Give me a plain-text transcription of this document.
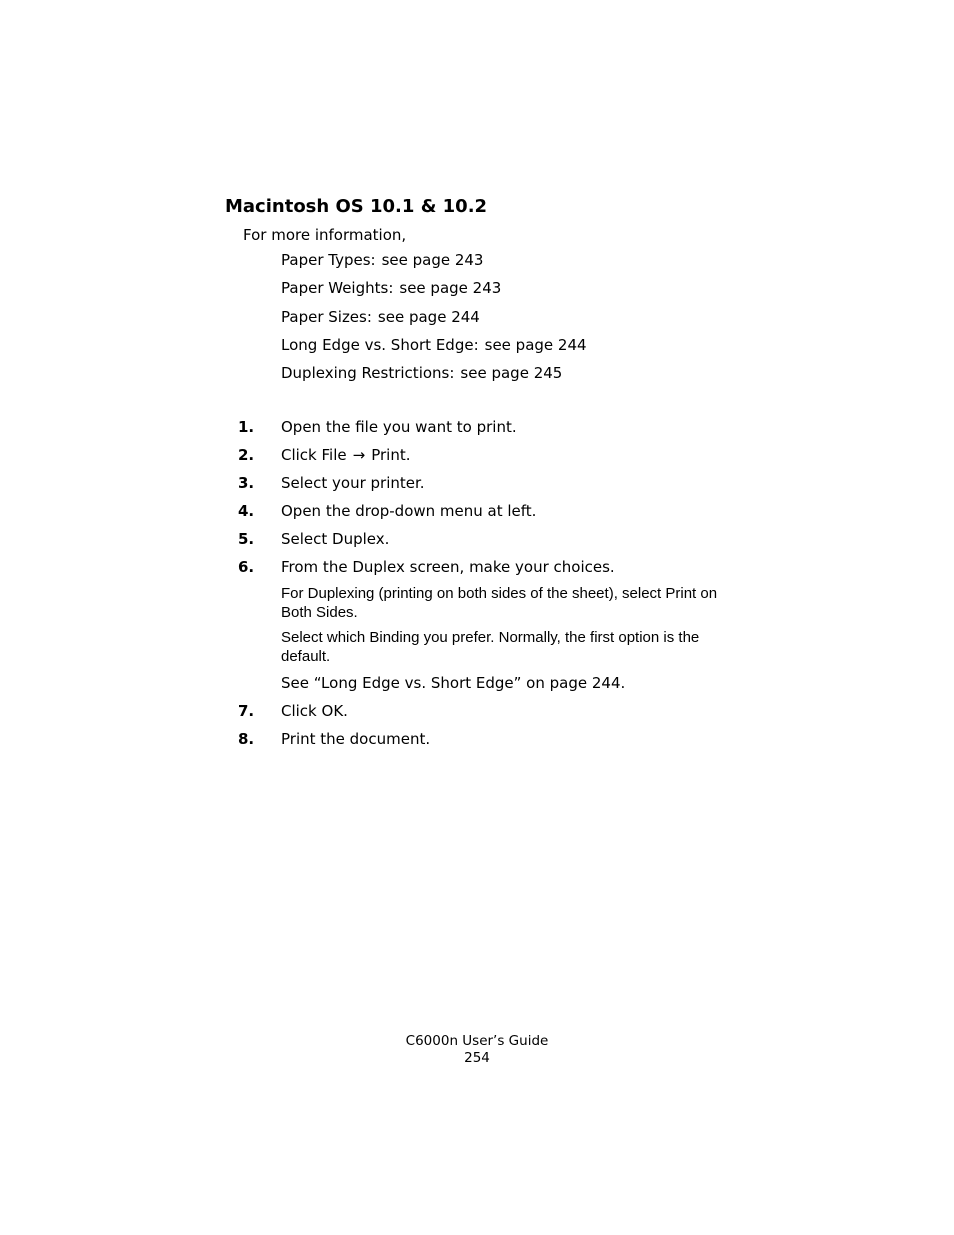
Macintosh OS 10.1 & 10.2
For more information,
Paper Types: see page 243
Paper Weights: see page 243
Paper Sizes: see page 244
Long Edge vs. Short Edge: see page 244
Duplexing Restrictions: see page 245
1. Open the file you want to print.
2. Click File → Print.
3. Select your printer.
4. Open the drop-down menu at left.
5. Select Duplex.
6. From the Duplex screen, make your choices.
For Duplexing (printing on both sides of the sheet), select Print on Both Sides.
Select which Binding you prefer. Normally, the first option is the default.
See “Long Edge vs. Short Edge” on page 244.
7. Click OK.
8. Print the document.
C6000n User’s Guide
254
